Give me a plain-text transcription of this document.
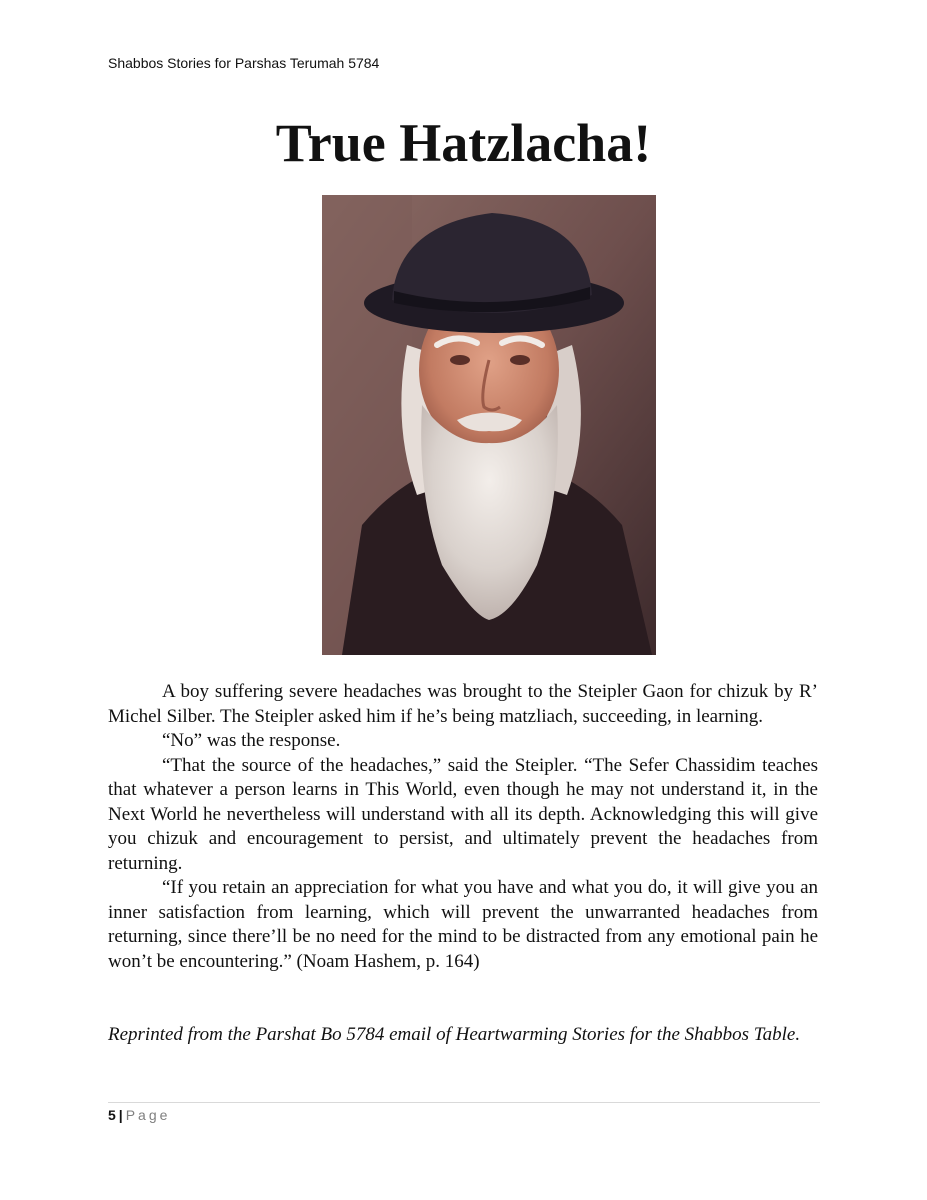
Shabbos Stories for Parshas Terumah 5784
True Hatzlacha!

A boy suffering severe headaches was brought to the Steipler Gaon for chizuk by R’ Michel Silber. The Steipler asked him if he’s being matzliach, succeeding, in learning.

“No” was the response.

“That the source of the headaches,” said the Steipler. “The Sefer Chassidim teaches that whatever a person learns in This World, even though he may not understand it, in the Next World he nevertheless will understand with all its depth. Acknowledging this will give you chizuk and encouragement to persist, and ultimately prevent the headaches from returning.

“If you retain an appreciation for what you have and what you do, it will give you an inner satisfaction from learning, which will prevent the unwarranted headaches from returning, since there’ll be no need for the mind to be distracted from any emotional pain he won’t be encountering.” (Noam Hashem, p. 164)

Reprinted from the Parshat Bo 5784 email of Heartwarming Stories for the Shabbos Table.

5 | Page
